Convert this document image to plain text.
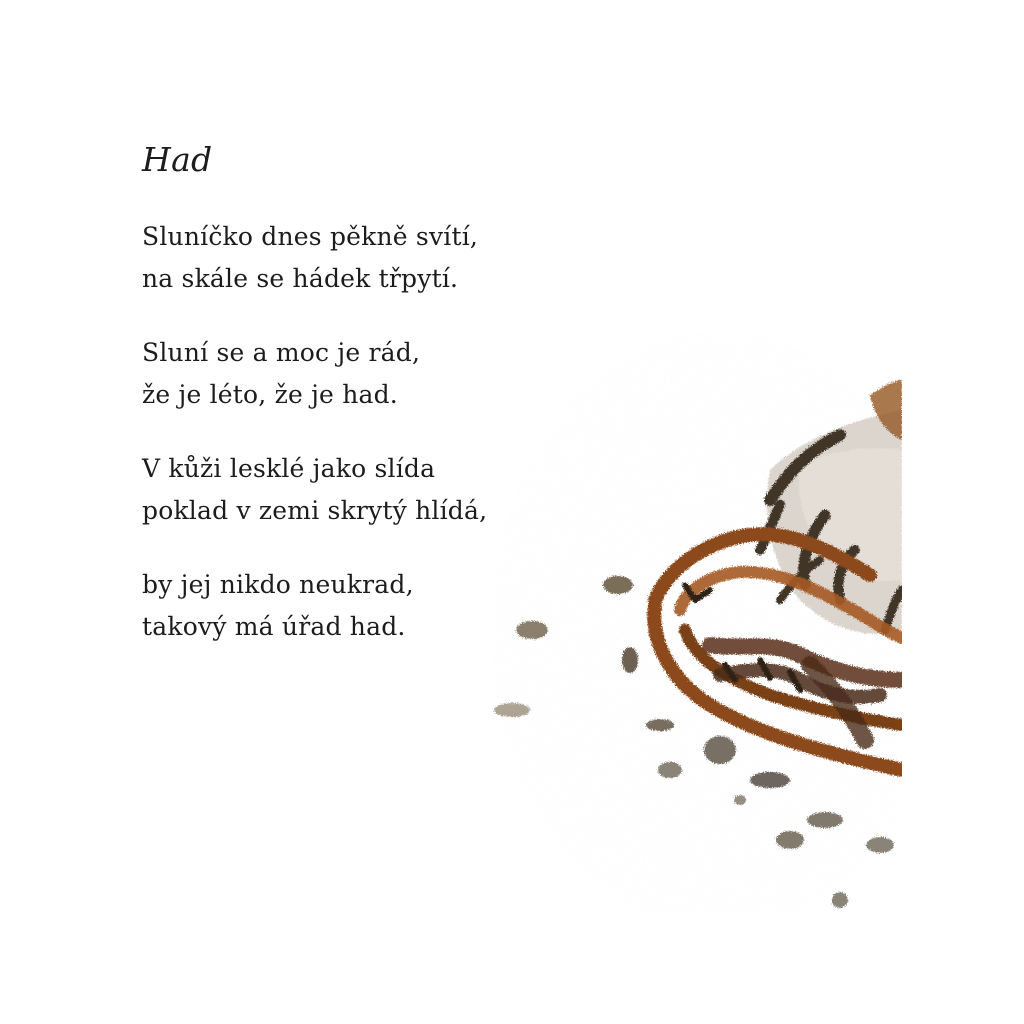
Had
Sluníčko dnes pěkně svítí,
na skále se hádek třpytí.
Sluní se a moc je rád,
že je léto, že je had.
V kůži lesklé jako slída
poklad v zemi skrytý hlídá,
by jej nikdo neukrad,
takový má úřad had.
